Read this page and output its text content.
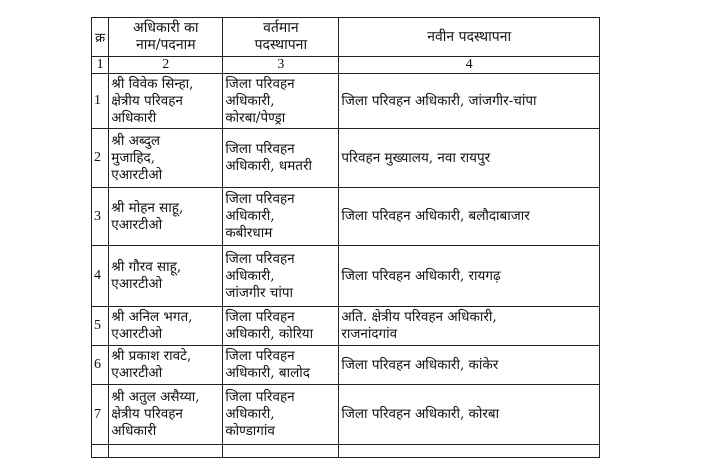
क्र	अधिकारी का
नाम/पदनाम	वर्तमान
पदस्थापना	नवीन पदस्थापना
1	2	3	4
1	श्री विवेक सिन्हा,
क्षेत्रीय परिवहन
अधिकारी	जिला परिवहन
अधिकारी,
कोरबा/पेण्ड्रा	जिला परिवहन अधिकारी, जांजगीर-चांपा
2	श्री अब्दुल
मुजाहिद,
एआरटीओ	जिला परिवहन
अधिकारी, धमतरी	परिवहन मुख्यालय, नवा रायपुर
3	श्री मोहन साहू,
एआरटीओ	जिला परिवहन
अधिकारी,
कबीरधाम	जिला परिवहन अधिकारी, बलौदाबाजार
4	श्री गौरव साहू,
एआरटीओ	जिला परिवहन
अधिकारी,
जांजगीर चांपा	जिला परिवहन अधिकारी, रायगढ़
5	श्री अनिल भगत,
एआरटीओ	जिला परिवहन
अधिकारी, कोरिया	अति. क्षेत्रीय परिवहन अधिकारी,
राजनांदगांव
6	श्री प्रकाश रावटे,
एआरटीओ	जिला परिवहन
अधिकारी, बालोद	जिला परिवहन अधिकारी, कांकेर
7	श्री अतुल असैय्या,
क्षेत्रीय परिवहन
अधिकारी	जिला परिवहन
अधिकारी,
कोण्डागांव	जिला परिवहन अधिकारी, कोरबा
